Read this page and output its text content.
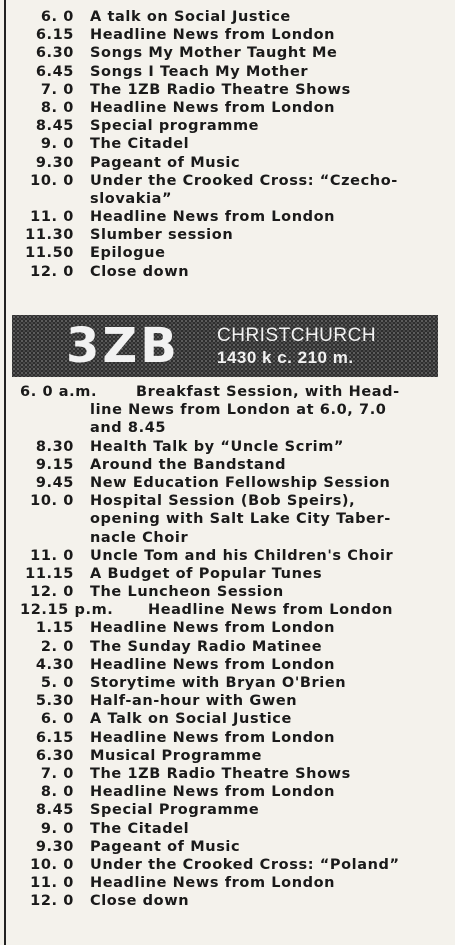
6. 0 A talk on Social Justice
6.15 Headline News from London
6.30 Songs My Mother Taught Me
6.45 Songs I Teach My Mother
7. 0 The 1ZB Radio Theatre Shows
8. 0 Headline News from London
8.45 Special programme
9. 0 The Citadel
9.30 Pageant of Music
10. 0 Under the Crooked Cross: “Czecho-
slovakia”
11. 0 Headline News from London
11.30 Slumber session
11.50 Epilogue
12. 0 Close down
3ZB CHRISTCHURCH
1430 k c. 210 m.
6. 0 a.m.	Breakfast Session, with Head-
line News from London at 6.0, 7.0
and 8.45
8.30 Health Talk by “Uncle Scrim”
9.15 Around the Bandstand
9.45 New Education Fellowship Session
10. 0 Hospital Session (Bob Speirs),
opening with Salt Lake City Taber-
nacle Choir
11. 0 Uncle Tom and his Children's Choir
11.15 A Budget of Popular Tunes
12. 0 The Luncheon Session
12.15 p.m. Headline News from London
1.15 Headline News from London
2. 0 The Sunday Radio Matinee
4.30 Headline News from London
5. 0 Storytime with Bryan O'Brien
5.30 Half-an-hour with Gwen
6. 0 A Talk on Social Justice
6.15 Headline News from London
6.30 Musical Programme
7. 0 The 1ZB Radio Theatre Shows
8. 0 Headline News from London
8.45 Special Programme
9. 0 The Citadel
9.30 Pageant of Music
10. 0 Under the Crooked Cross: “Poland”
11. 0 Headline News from London
12. 0 Close down
